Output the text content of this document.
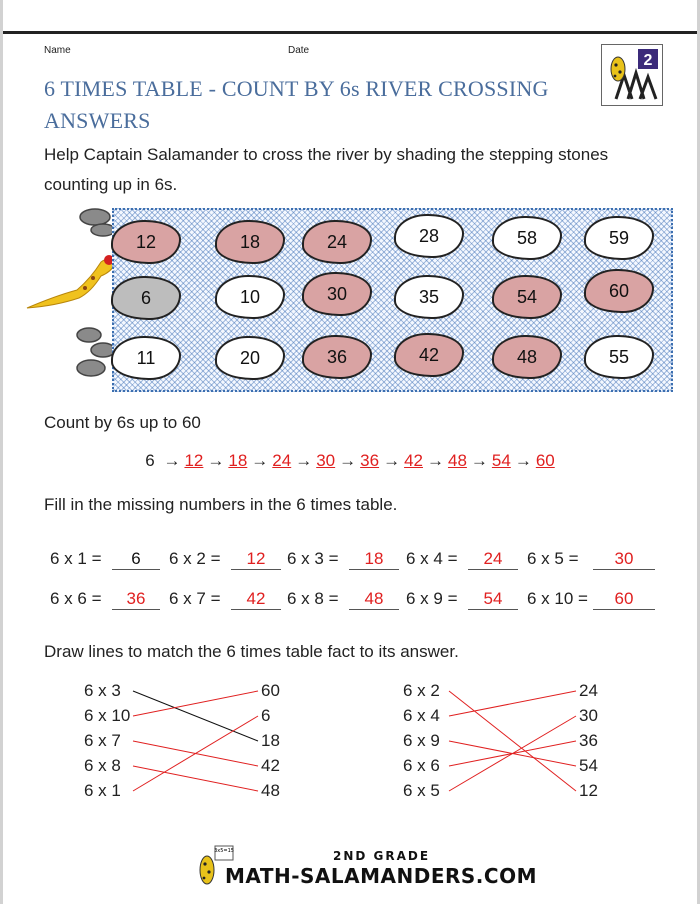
Name	Date
6 TIMES TABLE - COUNT BY 6s RIVER CROSSING ANSWERS
2
Help Captain Salamander to cross the river by shading the stepping stones counting up in 6s.
12	18	24	28	58	59
6	10	30	35	54	60
11	20	36	42	48	55
Count by 6s up to 60
6 → 12 → 18 → 24 → 30 → 36 → 42 → 48 → 54 → 60
Fill in the missing numbers in the 6 times table.
6 x 1 =	6	6 x 2 =	12	6 x 3 =	18	6 x 4 =	24	6 x 5 =	30
6 x 6 =	36	6 x 7 =	42	6 x 8 =	48	6 x 9 =	54	6 x 10 =	60
Draw lines to match the 6 times table fact to its answer.
6 x 3
6 x 10
6 x 7
6 x 8
6 x 1
60
6
18
42
48
6 x 2
6 x 4
6 x 9
6 x 6
6 x 5
24
30
36
54
12
3x5=15	2ND GRADE
MATH-SALAMANDERS.COM
